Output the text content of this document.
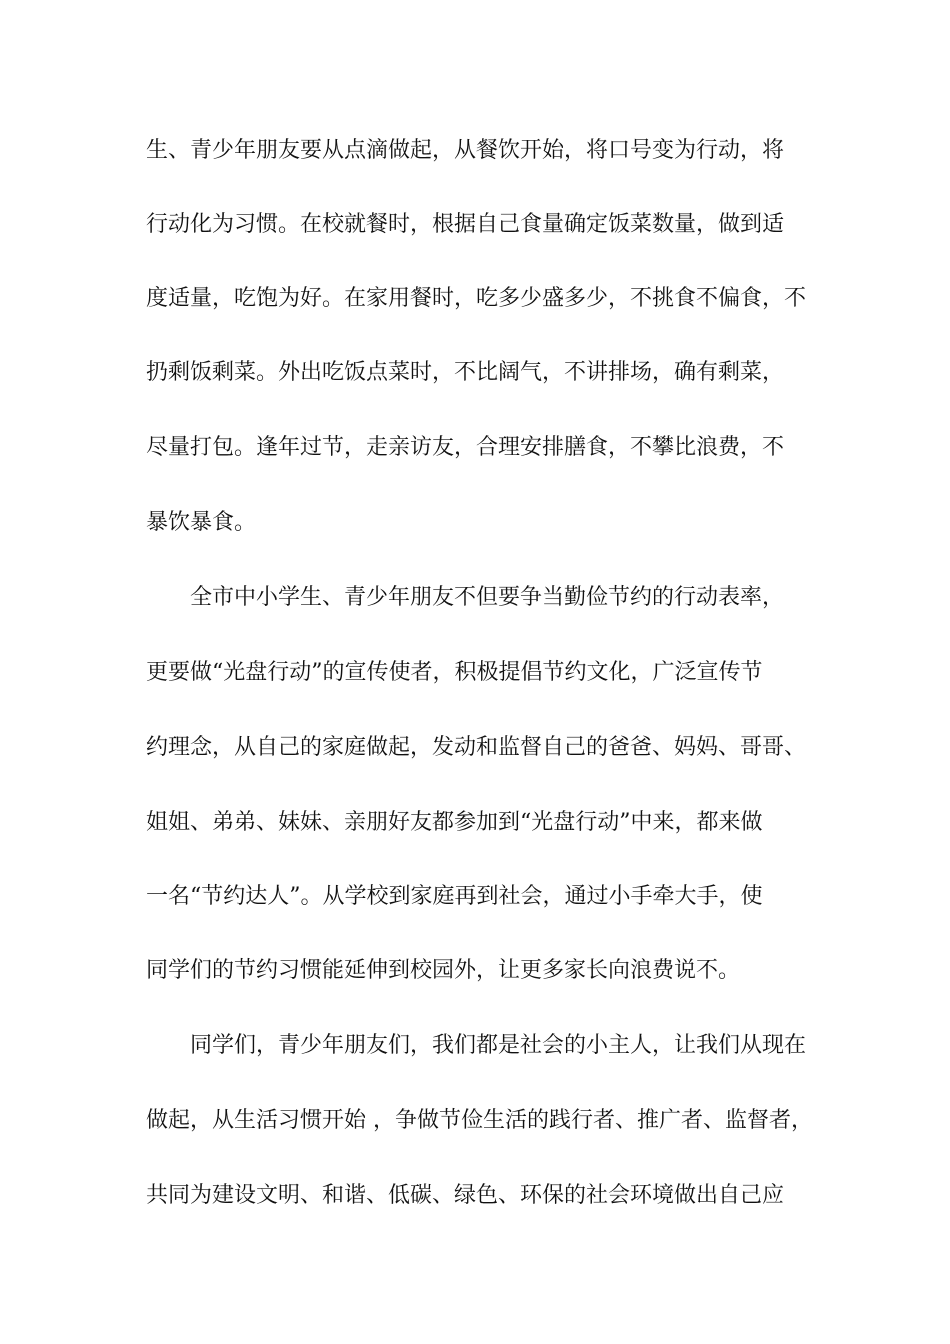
生、青少年朋友要从点滴做起，从餐饮开始，将口号变为行动，将
行动化为习惯。在校就餐时，根据自己食量确定饭菜数量，做到适
度适量，吃饱为好。在家用餐时，吃多少盛多少，不挑食不偏食，不
扔剩饭剩菜。外出吃饭点菜时，不比阔气，不讲排场，确有剩菜，
尽量打包。逢年过节，走亲访友，合理安排膳食，不攀比浪费，不
暴饮暴食。
全市中小学生、青少年朋友不但要争当勤俭节约的行动表率，
更要做“光盘行动”的宣传使者，积极提倡节约文化，广泛宣传节
约理念，从自己的家庭做起，发动和监督自己的爸爸、妈妈、哥哥、
姐姐、弟弟、妹妹、亲朋好友都参加到“光盘行动”中来，都来做
一名“节约达人”。从学校到家庭再到社会，通过小手牵大手，使
同学们的节约习惯能延伸到校园外，让更多家长向浪费说不。
同学们，青少年朋友们，我们都是社会的小主人，让我们从现在
做起，从生活习惯开始 ，争做节俭生活的践行者、推广者、监督者，
共同为建设文明、和谐、低碳、绿色、环保的社会环境做出自己应
